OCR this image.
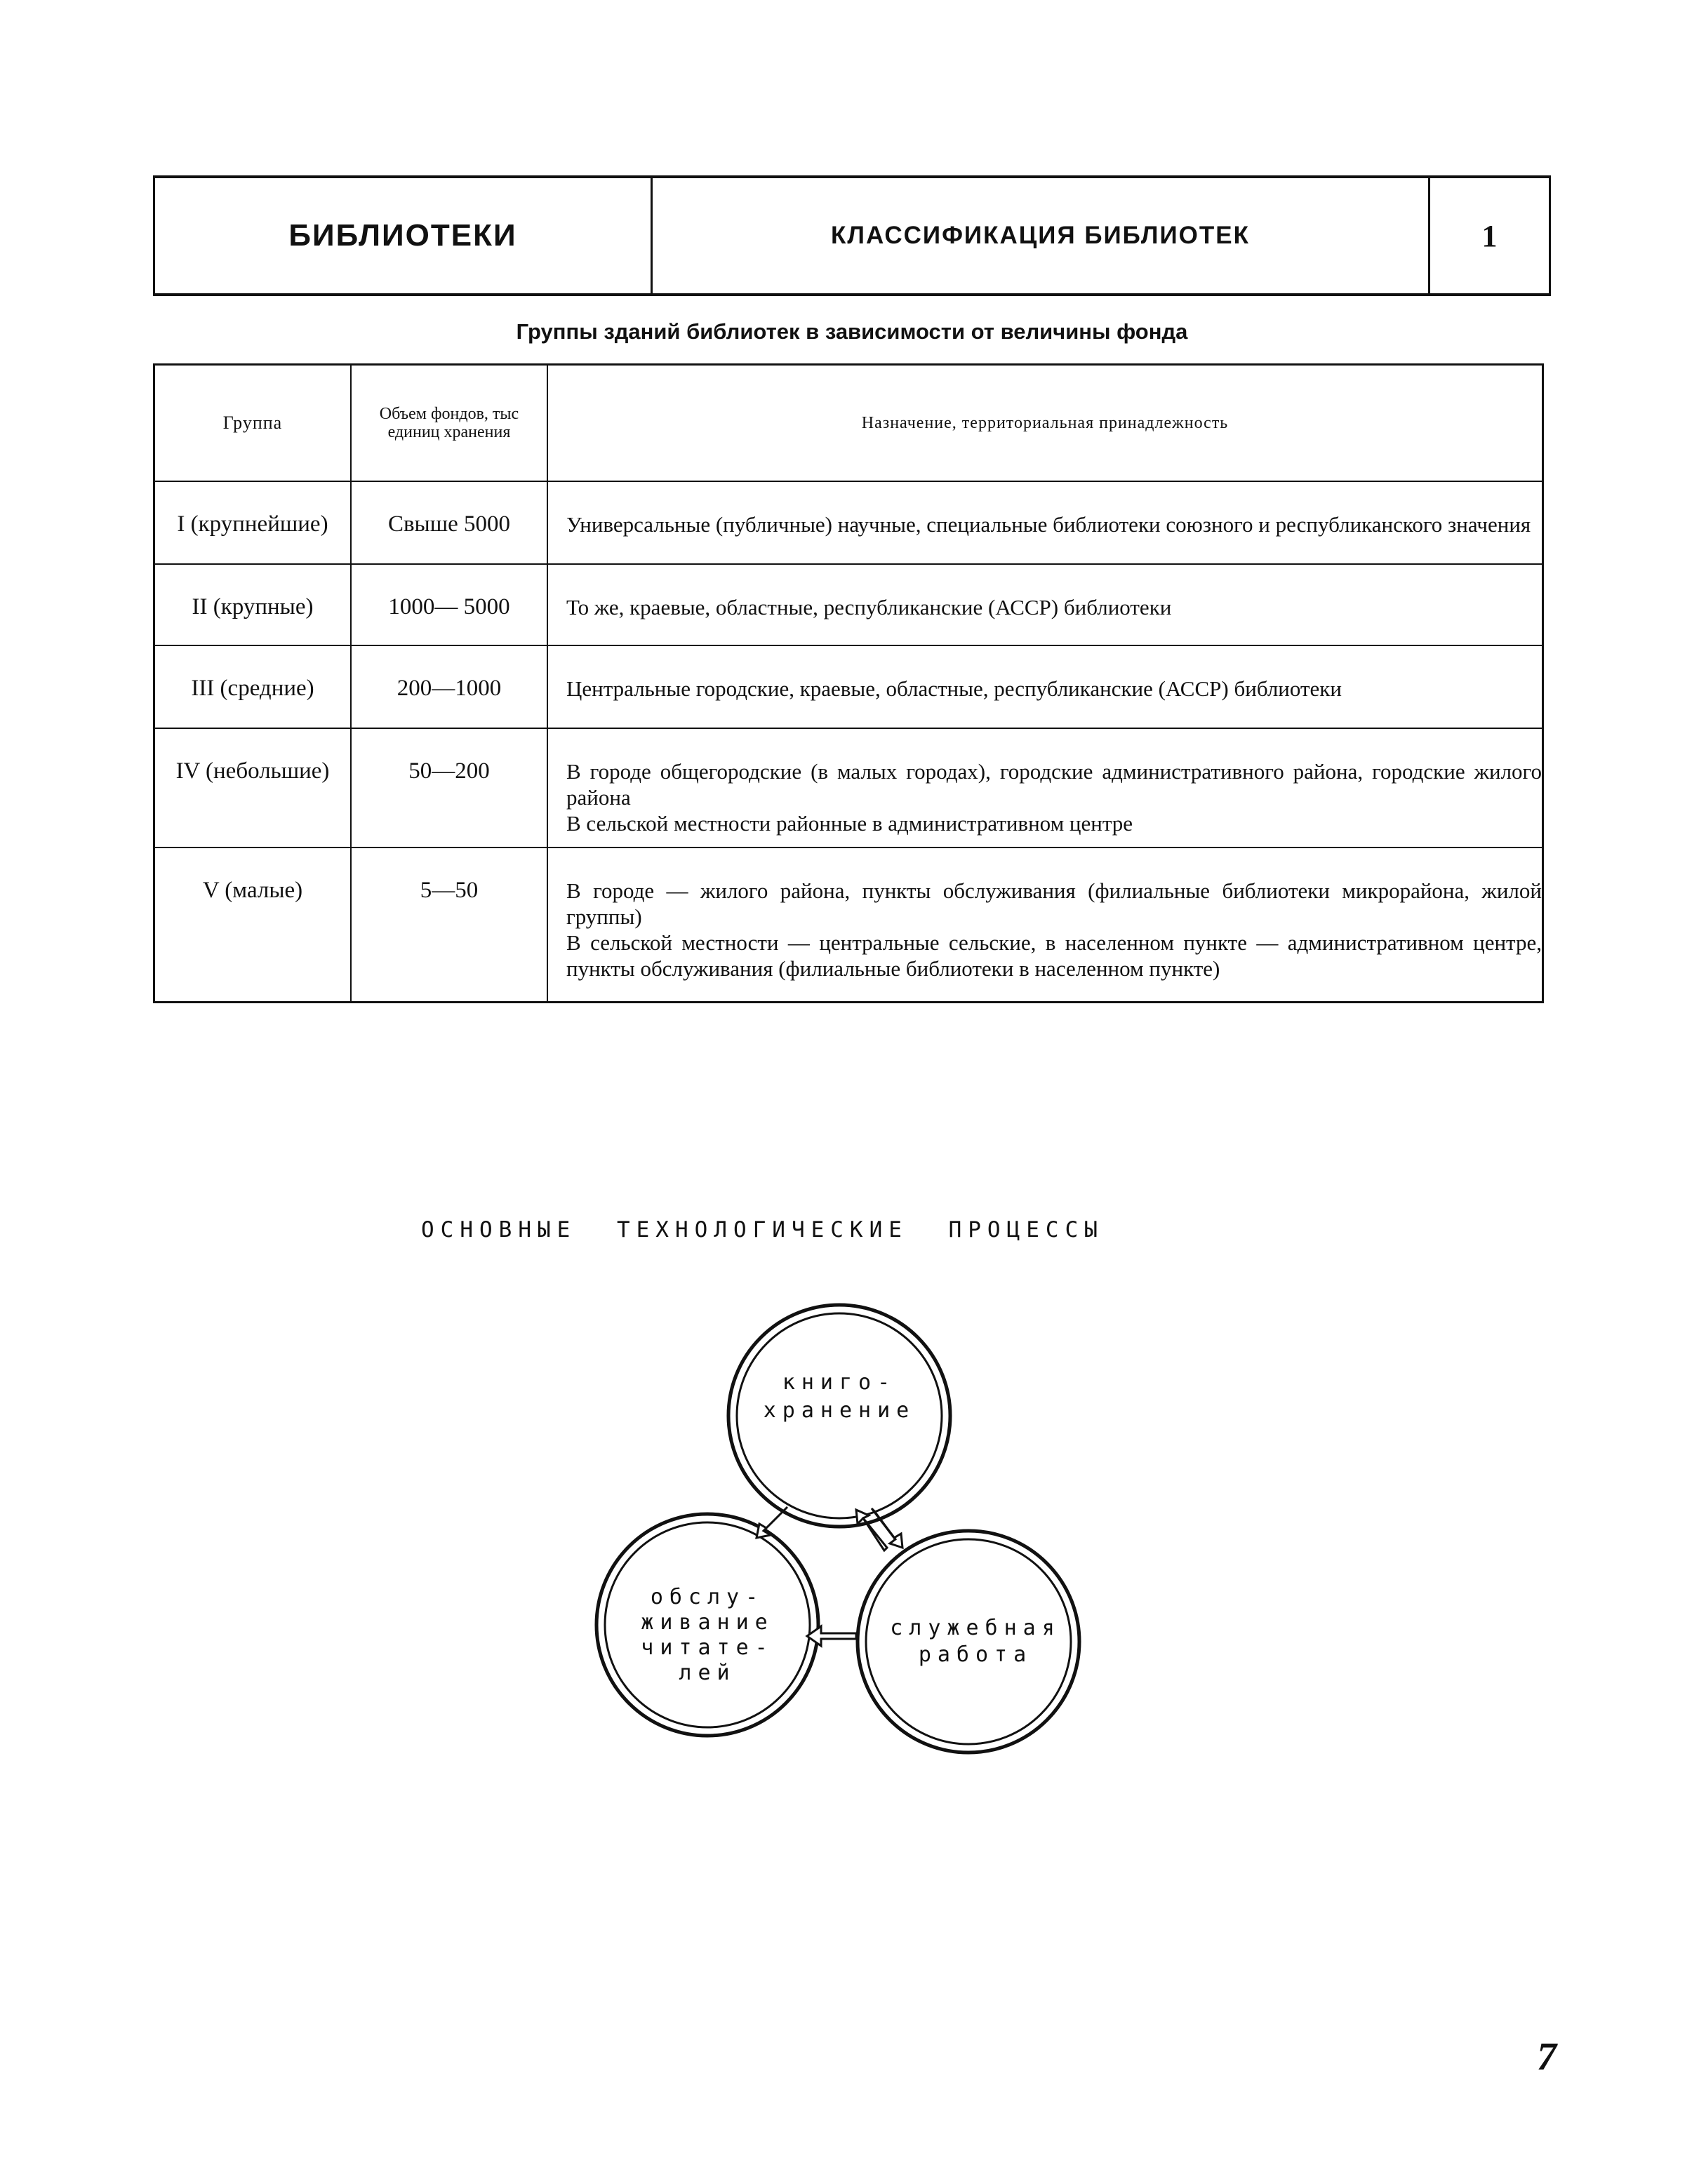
БИБЛИОТЕКИ	КЛАССИФИКАЦИЯ БИБЛИОТЕК	1
Группы зданий библиотек в зависимости от величины фонда
Группа	Объем фондов, тыс единиц хранения	Назначение, территориальная принадлежность
I (крупнейшие)	Свыше 5000	Универсальные (публичные) научные, специальные библиотеки союзного и республиканского значения

II (крупные)	1000— 5000	То же, краевые, областные, республиканские (АССР) библиотеки

III (средние)	200—1000	Центральные городские, краевые, областные, республиканские (АССР) библиотеки

IV (небольшие)	50—200	В городе общегородские (в малых городах), городские административного района, городские жилого района

В сельской местности районные в административном центре

V (малые)	5—50	В городе — жилого района, пункты обслуживания (филиальные библиотеки микрорайона, жилой группы)

В сельской местности — центральные сельские, в населенном пункте — административном центре, пункты обслуживания (филиальные библиотеки в населенном пункте)

ОСНОВНЫЕ ТЕХНОЛОГИЧЕСКИЕ ПРОЦЕССЫ
книго-
хранение
обслу-
живание
читате-
лей
служебная
работа
7
